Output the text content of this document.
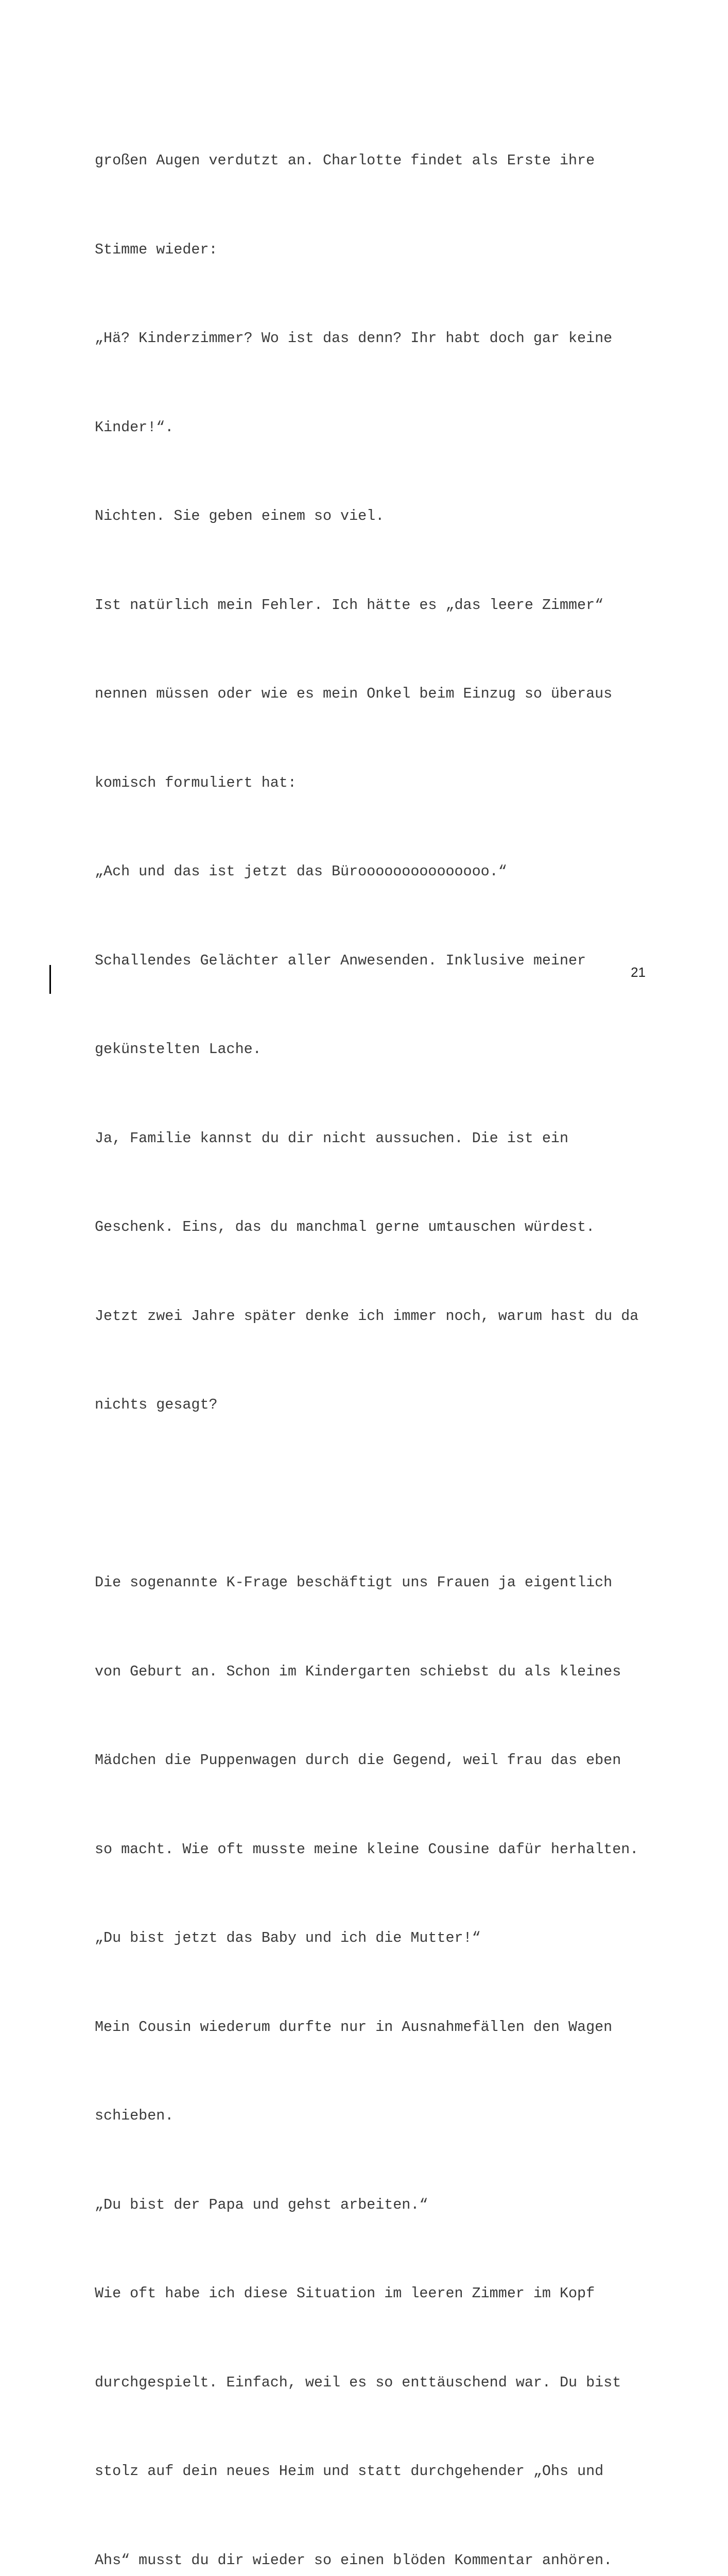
großen Augen verdutzt an. Charlotte findet als Erste ihre

Stimme wieder:

„Hä? Kinderzimmer? Wo ist das denn? Ihr habt doch gar keine

Kinder!“.

Nichten. Sie geben einem so viel.

Ist natürlich mein Fehler. Ich hätte es „das leere Zimmer“

nennen müssen oder wie es mein Onkel beim Einzug so überaus

komisch formuliert hat:

„Ach und das ist jetzt das Bürooooooooooooooo.“

Schallendes Gelächter aller Anwesenden. Inklusive meiner

gekünstelten Lache.

Ja, Familie kannst du dir nicht aussuchen. Die ist ein

Geschenk. Eins, das du manchmal gerne umtauschen würdest.

Jetzt zwei Jahre später denke ich immer noch, warum hast du da

nichts gesagt?

Die sogenannte K-Frage beschäftigt uns Frauen ja eigentlich

von Geburt an. Schon im Kindergarten schiebst du als kleines

Mädchen die Puppenwagen durch die Gegend, weil frau das eben

so macht. Wie oft musste meine kleine Cousine dafür herhalten.

„Du bist jetzt das Baby und ich die Mutter!“

Mein Cousin wiederum durfte nur in Ausnahmefällen den Wagen

schieben.

„Du bist der Papa und gehst arbeiten.“

Wie oft habe ich diese Situation im leeren Zimmer im Kopf

durchgespielt. Einfach, weil es so enttäuschend war. Du bist

stolz auf dein neues Heim und statt durchgehender „Ohs und

Ahs“ musst du dir wieder so einen blöden Kommentar anhören.

21
